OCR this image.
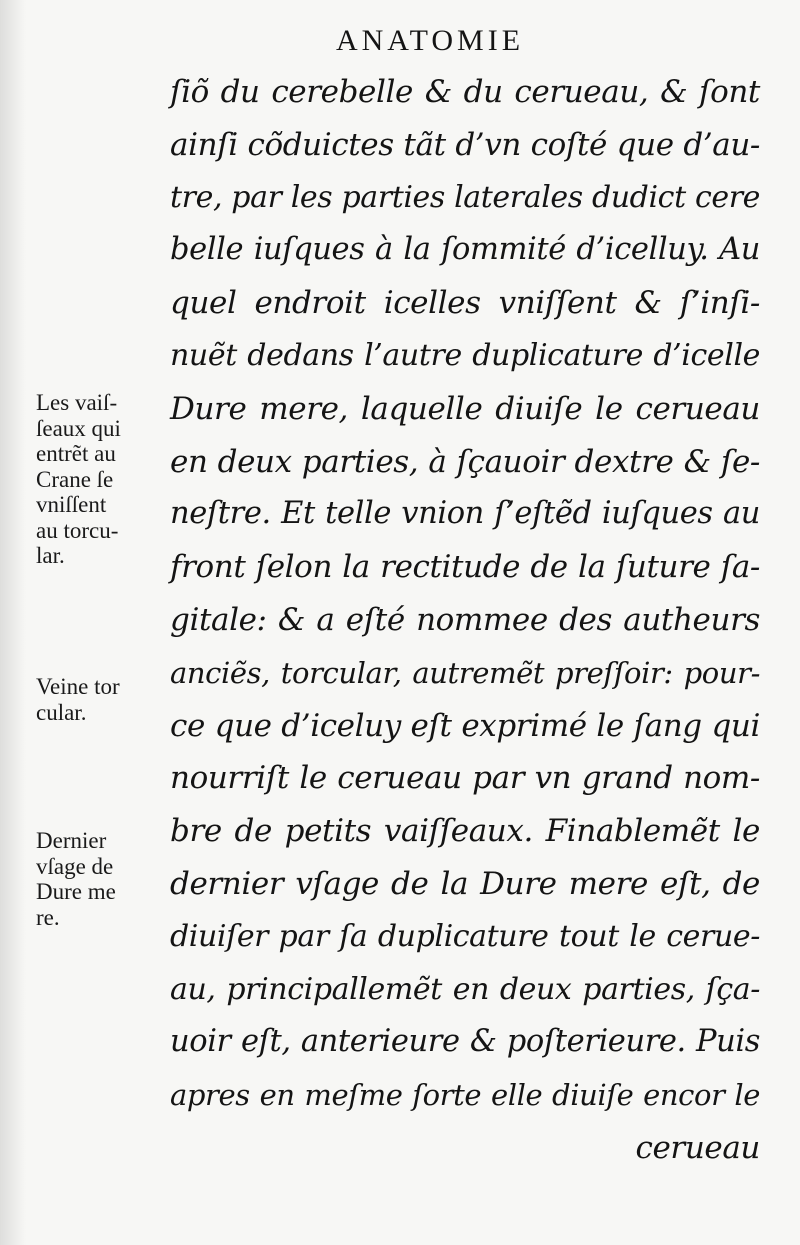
ANATOMIE
ſiõ du cerebelle & du cerueau, & ſont
ainſi cõduictes tãt d’vn coſté que d’au-
tre, par les parties laterales dudict cere
belle iuſques à la ſommité d’icelluy. Au
quel endroit icelles vniſſent & ſ’inſi-
nuẽt dedans l’autre duplicature d’icelle
Dure mere, laquelle diuiſe le cerueau
en deux parties, à ſçauoir dextre & ſe-
neſtre. Et telle vnion ſ’eſtẽd iuſques au
front ſelon la rectitude de la ſuture ſa-
gitale: & a eſté nommee des autheurs
anciẽs, torcular, autremẽt preſſoir: pour-
ce que d’iceluy eſt exprimé le ſang qui
nourriſt le cerueau par vn grand nom-
bre de petits vaiſſeaux. Finablemẽt le
dernier vſage de la Dure mere eſt, de
diuiſer par ſa duplicature tout le cerue-
au, principallemẽt en deux parties, ſça-
uoir eſt, anterieure & poſterieure. Puis
apres en meſme ſorte elle diuiſe encor le
cerueau
Les vaiſ-
ſeaux qui
entrẽt au
Crane ſe
vniſſent
au torcu-
lar.
Veine tor
cular.
Dernier
vſage de
Dure me
re.
